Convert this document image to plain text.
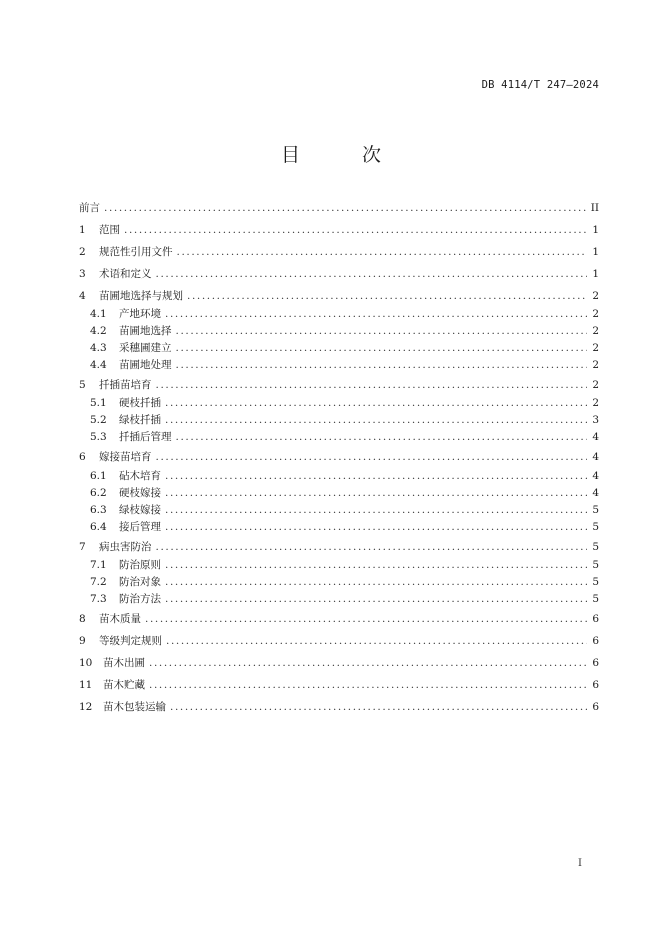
DB 4114/T 247—2024
目 次
前言 .....	II
1	范围 .....	1
2	规范性引用文件 .....	1
3	术语和定义 .....	1
4	苗圃地选择与规划 .....	2
4.1	产地环境 .....	2
4.2	苗圃地选择 .....	2
4.3	采穗圃建立 .....	2
4.4	苗圃地处理 .....	2
5	扦插苗培育 .....	2
5.1	硬枝扦插 .....	2
5.2	绿枝扦插 .....	3
5.3	扦插后管理 .....	4
6	嫁接苗培育 .....	4
6.1	砧木培育 .....	4
6.2	硬枝嫁接 .....	4
6.3	绿枝嫁接 .....	5
6.4	接后管理 .....	5
7	病虫害防治 .....	5
7.1	防治原则 .....	5
7.2	防治对象 .....	5
7.3	防治方法 .....	5
8	苗木质量 .....	6
9	等级判定规则 .....	6
10	苗木出圃 .....	6
11	苗木贮藏 .....	6
12	苗木包装运输 .....	6
I
